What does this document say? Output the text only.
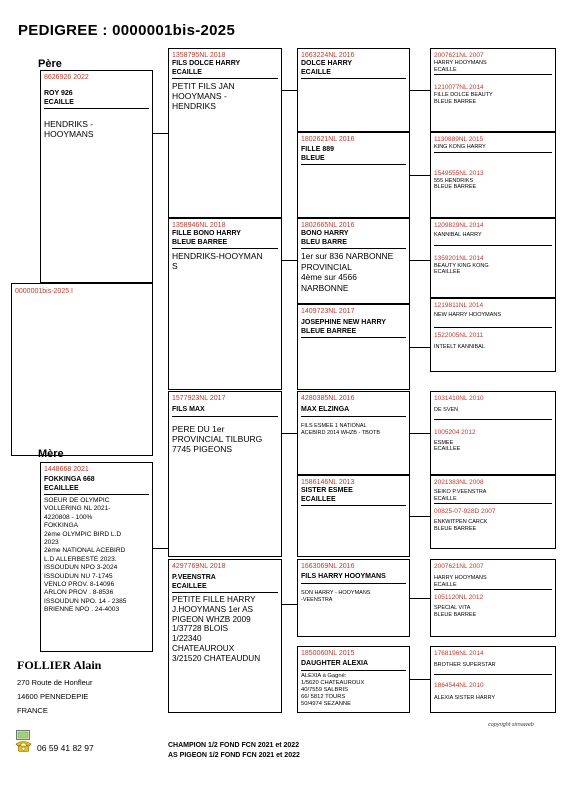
PEDIGREE : 0000001bis-2025
0000001bis-2025 I
Père
8626926 2022
ROY 926
ECAILLE
HENDRIKS -
HOOYMANS
Mère
1448668 2021
FOKKINGA 668
ECAILLEE
SOEUR DE OLYMPIC
VOLLERING NL 2021-
4220808 - 100%
FOKKINGA
2ème OLYMPIC BIRD L.D
2023
2ème NATIONAL ACEBIRD
L.D ALLERBESTE 2023.
ISSOUDUN NPO 3-2024
ISSOUDUN NU 7-1745
VENLO PROV. 8-14096
ARLON PROV . 8-8536
ISSOUDUN NPO. 14 - 2385
BRIENNE NPO . 24-4003
1358795NL 2018
FILS DOLCE HARRY
ECAILLE
PETIT FILS JAN
HOOYMANS -
HENDRIKS
1358946NL 2018
FILLE BONO HARRY
BLEUE BARREE
HENDRIKS-HOOYMAN
S
1577923NL 2017
FILS MAX
PERE DU 1er
PROVINCIAL TILBURG
7745 PIGEONS
4297769NL 2018
P.VEENSTRA
ECAILLEE
PETITE FILLE HARRY
J.HOOYMANS 1er AS
PIGEON WHZB 2009
1/37728 BLOIS
1/22340
CHATEAUROUX
3/21520 CHATEAUDUN
1663224NL 2016
DOLCE HARRY
ECAILLE
1802621NL 2016
FILLE 889
BLEUE
1802665NL 2016
BONO HARRY
BLEU BARRE
1er sur 836 NARBONNE
PROVINCIAL
4ème sur 4566
NARBONNE
1409723NL 2017
JOSEPHINE NEW HARRY
BLEUE BARREE
4280385NL 2016
MAX ELZINGA
FILS ESMEE 1 NATIONAL
ACEBIRD 2014 WHZB - TBOTB
1586146NL 2013
SISTER ESMEE
ECAILLEE
1663069NL 2016
FILS HARRY HOOYMANS
SON HARRY - HOOYMANS
-VEENSTRA
1850060NL 2015
DAUGHTER ALEXIA
ALEXIA à Gagné:
1/5620 CHATEAUROUX
40/7559 SALBRIS
66/ 5812 TOURS
50/4974 SEZANNE
2007621NL 2007
HARRY HOOYMANS
ECAILLE
1210077NL 2014
FILLE DOLCE BEAUTY
BLEUE BARREE
1130889NL 2015
KING KONG HARRY
1549555NL 2013
555 HENDRIKS
BLEUE BARREE
1209829NL 2014
KANNIBAL HARRY
1359201NL 2014
BEAUTY KING KONG
ECAILLEE
1219811NL 2014
NEW HARRY HOOYMANS
1522005NL 2011
INTEELT KANNIBAL
1031410NL 2010
DE SVEN
1005204 2012
ESMEE
ECAILLEE
2021383NL 2008
SEIKO P.VEENSTRA
ECAILLE
00825-07-928D 2007
ENKWITPEN CARCK
BLEUE BARREE
2007621NL 2007
HARRY HOOYMANS
ECAILLE
1051120NL 2012
SPECIAL VITA
BLEUE BARREE
1768196NL 2014
BROTHER SUPERSTAR
1864544NL 2010
ALEXIA SISTER HARRY
FOLLIER Alain
270 Route de Honfleur
14600 PENNEDEPIE
FRANCE
06 59 41 82 97
copyright sirnaweb
CHAMPION 1/2 FOND FCN 2021 et 2022
AS PIGEON 1/2 FOND FCN 2021 et 2022
